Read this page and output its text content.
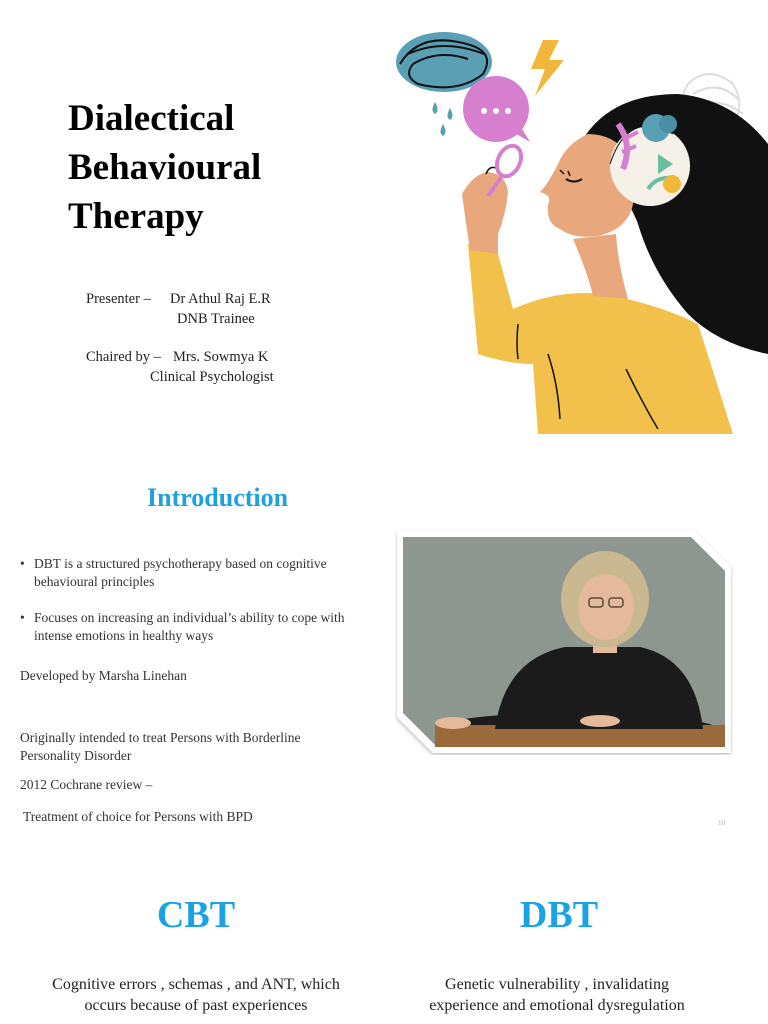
Dialectical
Behavioural
Therapy
Presenter – Dr Athul Raj E.R
DNB Trainee
Chaired by – Mrs. Sowmya K
Clinical Psychologist
Introduction
• DBT is a structured psychotherapy based on cognitive
behavioural principles
• Focuses on increasing an individual’s ability to cope with
intense emotions in healthy ways
Developed by Marsha Linehan
Originally intended to treat Persons with Borderline
Personality Disorder
2012 Cochrane review –
Treatment of choice for Persons with BPD	10
CBT	DBT
Cognitive errors , schemas , and ANT, which
occurs because of past experiences
Genetic vulnerability , invalidating
experience and emotional dysregulation
